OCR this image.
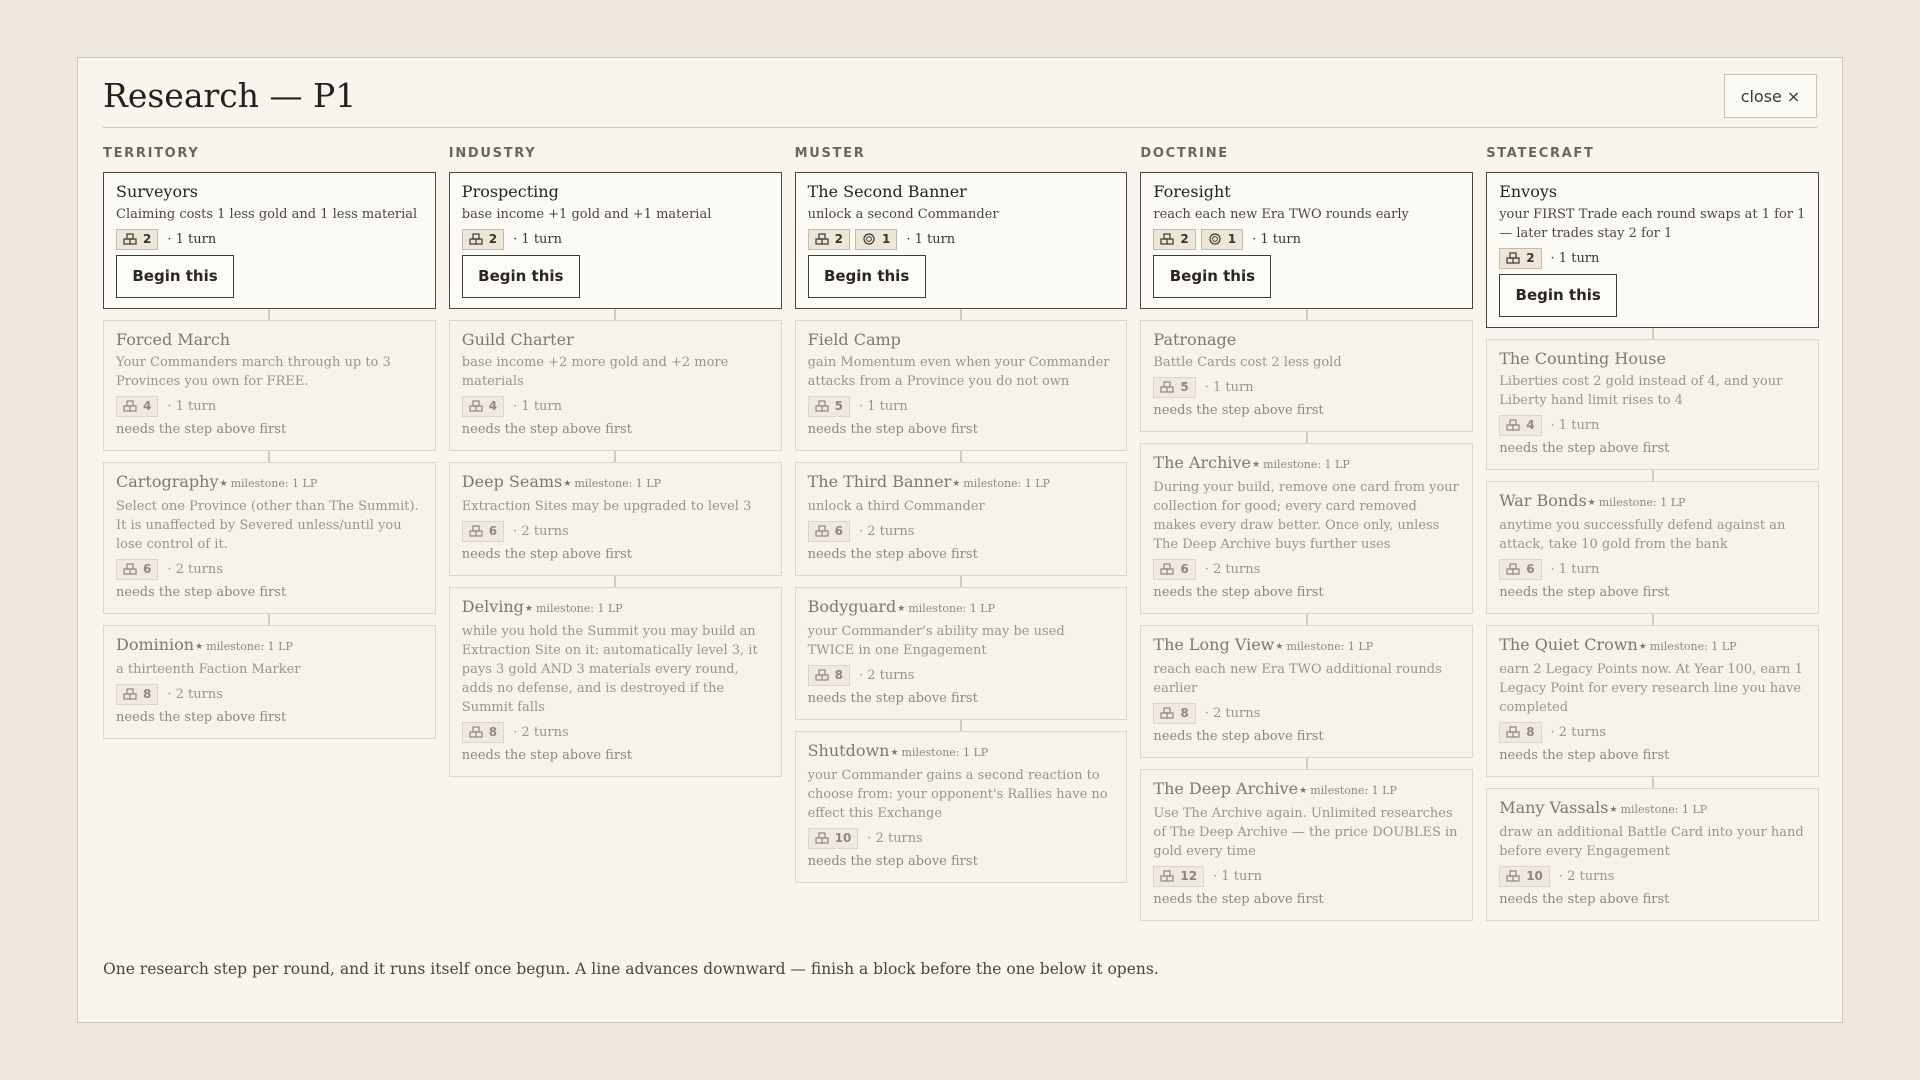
Research — P1	close ×
TERRITORY
Surveyors
Claiming costs 1 less gold and 1 less material
2 · 1 turn
Begin this
Forced March
Your Commanders march through up to 3 Provinces you own for FREE.
4 · 1 turn
needs the step above first
Cartography★ milestone: 1 LP
Select one Province (other than The Summit). It is unaffected by Severed unless/until you lose control of it.
6 · 2 turns
needs the step above first
Dominion★ milestone: 1 LP
a thirteenth Faction Marker
8 · 2 turns
needs the step above first
INDUSTRY
Prospecting
base income +1 gold and +1 material
2 · 1 turn
Begin this
Guild Charter
base income +2 more gold and +2 more materials
4 · 1 turn
needs the step above first
Deep Seams★ milestone: 1 LP
Extraction Sites may be upgraded to level 3
6 · 2 turns
needs the step above first
Delving★ milestone: 1 LP
while you hold the Summit you may build an Extraction Site on it: automatically level 3, it pays 3 gold AND 3 materials every round, adds no defense, and is destroyed if the Summit falls
8 · 2 turns
needs the step above first
MUSTER
The Second Banner
unlock a second Commander
2	1 · 1 turn
Begin this
Field Camp
gain Momentum even when your Commander attacks from a Province you do not own
5 · 1 turn
needs the step above first
The Third Banner★ milestone: 1 LP
unlock a third Commander
6 · 2 turns
needs the step above first
Bodyguard★ milestone: 1 LP
your Commander's ability may be used TWICE in one Engagement
8 · 2 turns
needs the step above first
Shutdown★ milestone: 1 LP
your Commander gains a second reaction to choose from: your opponent's Rallies have no effect this Exchange
10 · 2 turns
needs the step above first
DOCTRINE
Foresight
reach each new Era TWO rounds early
2	1 · 1 turn
Begin this
Patronage
Battle Cards cost 2 less gold
5 · 1 turn
needs the step above first
The Archive★ milestone: 1 LP
During your build, remove one card from your collection for good; every card removed makes every draw better. Once only, unless The Deep Archive buys further uses
6 · 2 turns
needs the step above first
The Long View★ milestone: 1 LP
reach each new Era TWO additional rounds earlier
8 · 2 turns
needs the step above first
The Deep Archive★ milestone: 1 LP
Use The Archive again. Unlimited researches of The Deep Archive — the price DOUBLES in gold every time
12 · 1 turn
needs the step above first
STATECRAFT
Envoys
your FIRST Trade each round swaps at 1 for 1 — later trades stay 2 for 1
2 · 1 turn
Begin this
The Counting House
Liberties cost 2 gold instead of 4, and your Liberty hand limit rises to 4
4 · 1 turn
needs the step above first
War Bonds★ milestone: 1 LP
anytime you successfully defend against an attack, take 10 gold from the bank
6 · 1 turn
needs the step above first
The Quiet Crown★ milestone: 1 LP
earn 2 Legacy Points now. At Year 100, earn 1 Legacy Point for every research line you have completed
8 · 2 turns
needs the step above first
Many Vassals★ milestone: 1 LP
draw an additional Battle Card into your hand before every Engagement
10 · 2 turns
needs the step above first
One research step per round, and it runs itself once begun. A line advances downward — finish a block before the one below it opens.
